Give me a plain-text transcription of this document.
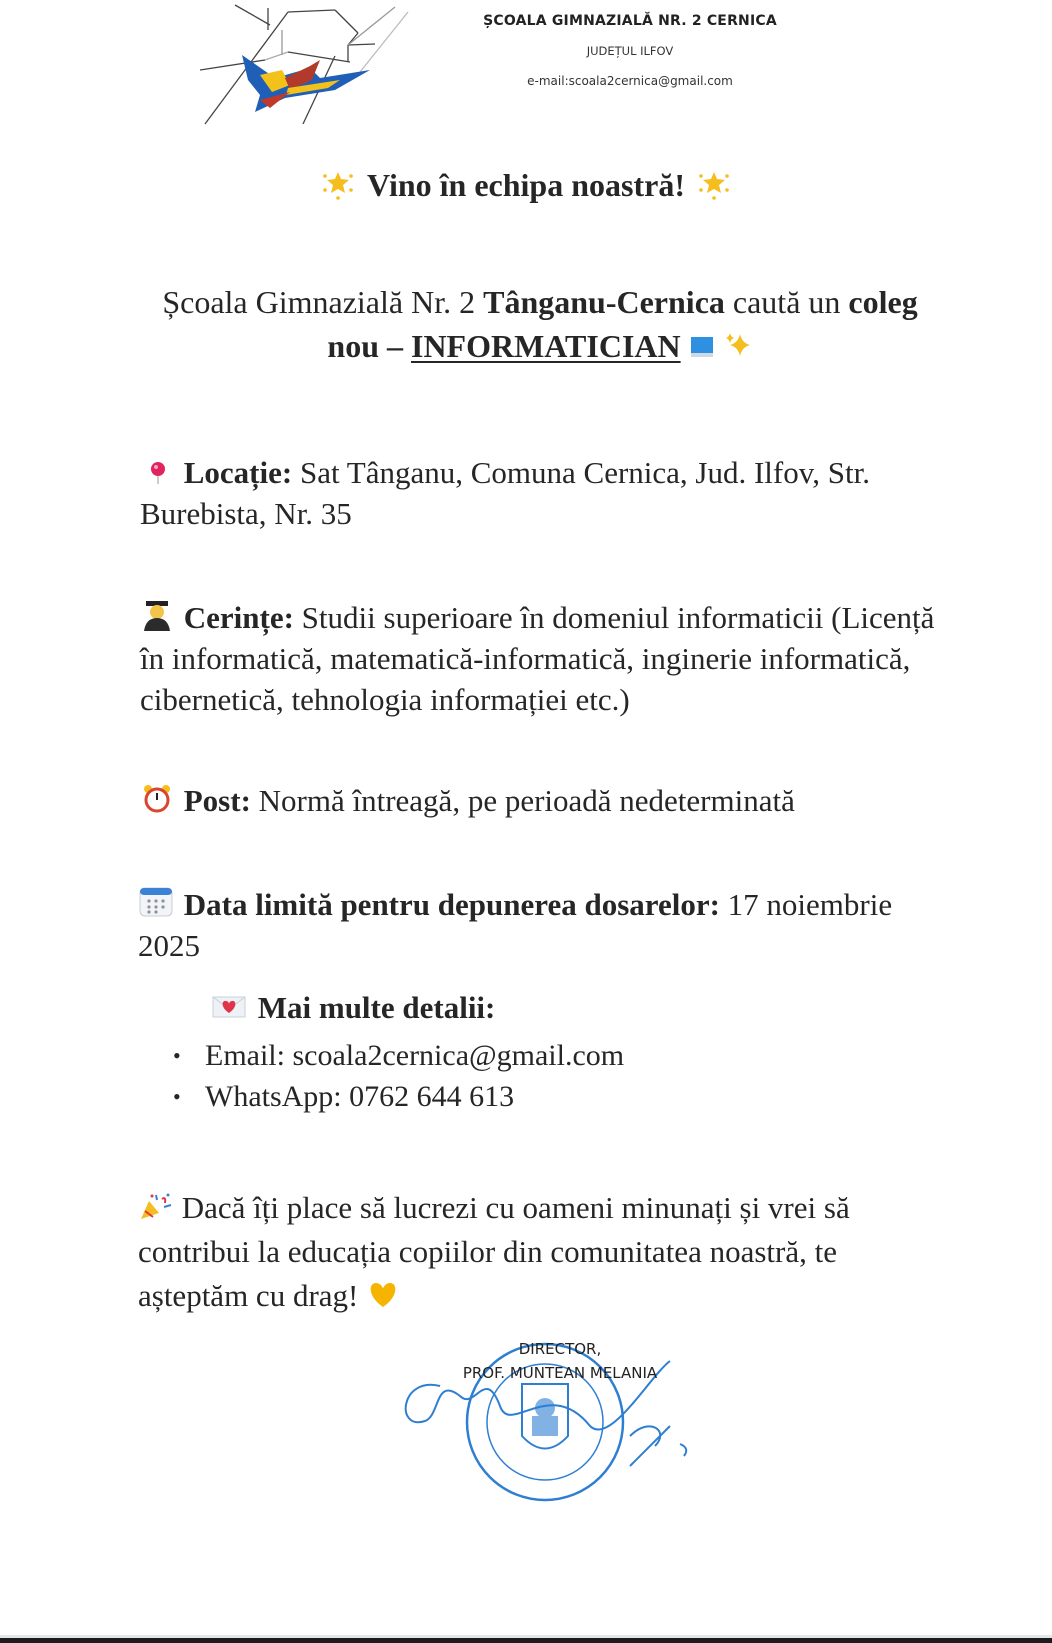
ȘCOALA GIMNAZIALĂ NR. 2 CERNICA
JUDEȚUL ILFOV
e-mail:scoala2cernica@gmail.com
Vino în echipa noastră!
Școala Gimnazială Nr. 2 Tânganu-Cernica caută un coleg
nou – INFORMATICIAN
Locație: Sat Tânganu, Comuna Cernica, Jud. Ilfov, Str. Burebista, Nr. 35
Cerințe: Studii superioare în domeniul informaticii (Licență în informatică, matematică-informatică, inginerie informatică, cibernetică, tehnologia informației etc.)
Post: Normă întreagă, pe perioadă nedeterminată
Data limită pentru depunerea dosarelor: 17 noiembrie 2025
Mai multe detalii:
• Email: scoala2cernica@gmail.com
• WhatsApp: 0762 644 613
Dacă îți place să lucrezi cu oameni minunați și vrei să contribui la educația copiilor din comunitatea noastră, te așteptăm cu drag!
DIRECTOR,
PROF. MUNTEAN MELANIA
